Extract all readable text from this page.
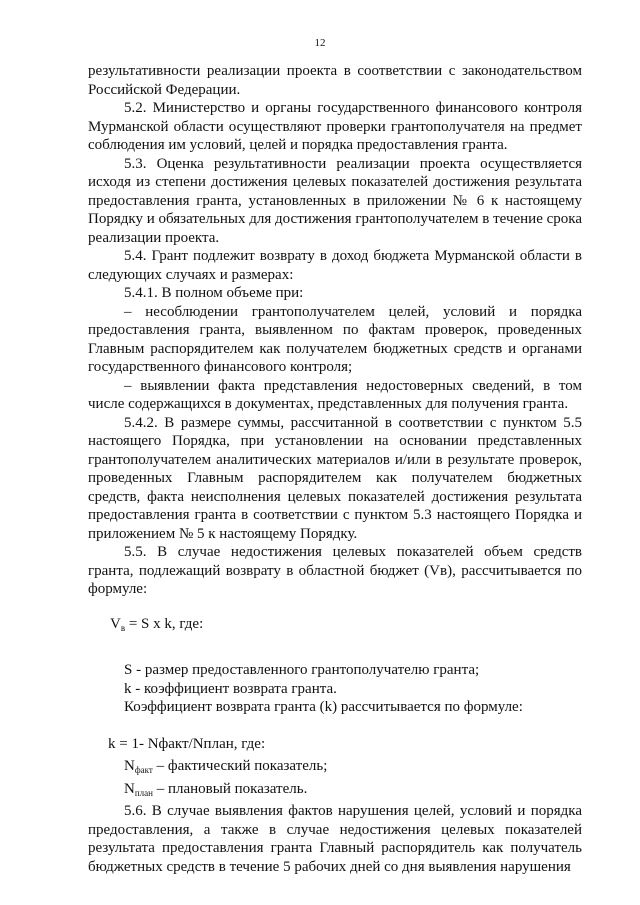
12

результативности реализации проекта в соответствии с законодательством Российской Федерации.

5.2. Министерство и органы государственного финансового контроля Мурманской области осуществляют проверки грантополучателя на предмет соблюдения им условий, целей и порядка предоставления гранта.

5.3. Оценка результативности реализации проекта осуществляется исходя из степени достижения целевых показателей достижения результата предоставления гранта, установленных в приложении № 6 к настоящему Порядку и обязательных для достижения грантополучателем в течение срока реализации проекта.

5.4. Грант подлежит возврату в доход бюджета Мурманской области в следующих случаях и размерах:

5.4.1. В полном объеме при:

– несоблюдении грантополучателем целей, условий и порядка предоставления гранта, выявленном по фактам проверок, проведенных Главным распорядителем как получателем бюджетных средств и органами государственного финансового контроля;

– выявлении факта представления недостоверных сведений, в том числе содержащихся в документах, представленных для получения гранта.

5.4.2. В размере суммы, рассчитанной в соответствии с пунктом 5.5 настоящего Порядка, при установлении на основании представленных грантополучателем аналитических материалов и/или в результате проверок, проведенных Главным распорядителем как получателем бюджетных средств, факта неисполнения целевых показателей достижения результата предоставления гранта в соответствии с пунктом 5.3 настоящего Порядка и приложением № 5 к настоящему Порядку.

5.5. В случае недостижения целевых показателей объем средств гранта, подлежащий возврату в областной бюджет (Vв), рассчитывается по формуле:

$V_в = S$ x k, где:

S - размер предоставленного грантополучателю гранта;

k - коэффициент возврата гранта.

Коэффициент возврата гранта (k) рассчитывается по формуле:

k = 1- Nфакт/Nплан, где:

$N_{факт}$ – фактический показатель;

$N_{план}$ – плановый показатель.

5.6. В случае выявления фактов нарушения целей, условий и порядка предоставления, а также в случае недостижения целевых показателей результата предоставления гранта Главный распорядитель как получатель бюджетных средств в течение 5 рабочих дней со дня выявления нарушения
